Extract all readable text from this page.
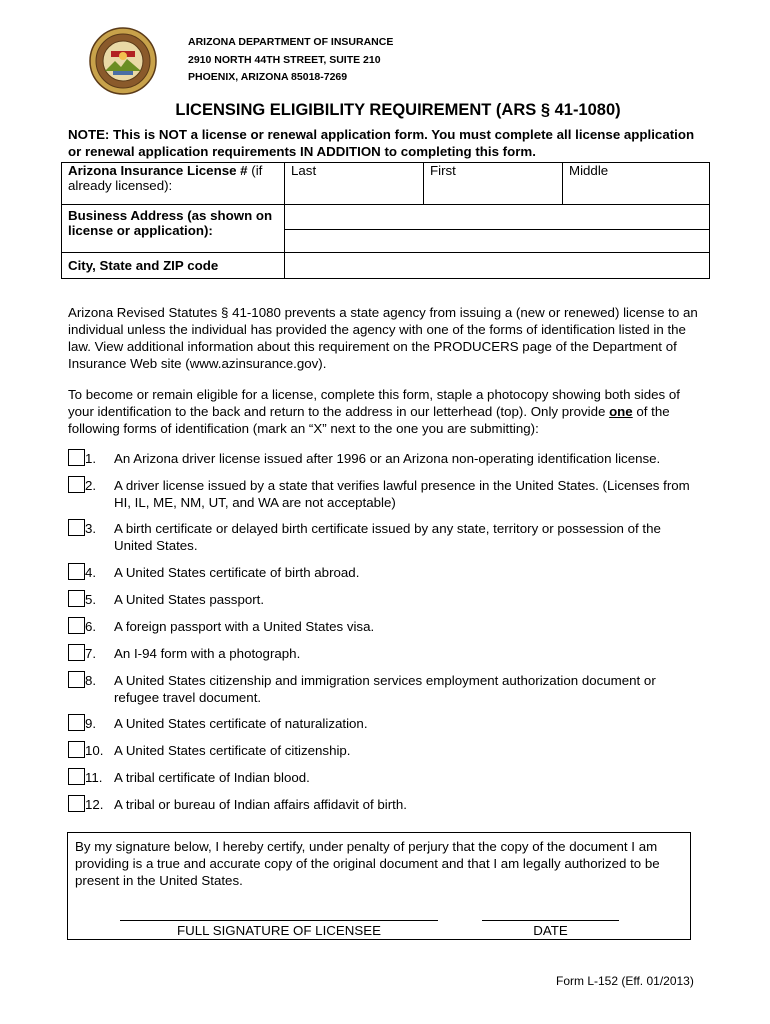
ARIZONA DEPARTMENT OF INSURANCE
2910 NORTH 44TH STREET, SUITE 210
PHOENIX, ARIZONA 85018-7269
LICENSING ELIGIBILITY REQUIREMENT (ARS § 41-1080)
NOTE: This is NOT a license or renewal application form. You must complete all license application or renewal application requirements IN ADDITION to completing this form.
Arizona Insurance License # (if already licensed):	Last	First	Middle
Business Address (as shown on license or application):			

City, State and ZIP code			
Arizona Revised Statutes § 41-1080 prevents a state agency from issuing a (new or renewed) license to an individual unless the individual has provided the agency with one of the forms of identification listed in the law. View additional information about this requirement on the PRODUCERS page of the Department of Insurance Web site (www.azinsurance.gov).
To become or remain eligible for a license, complete this form, staple a photocopy showing both sides of your identification to the back and return to the address in our letterhead (top). Only provide one of the following forms of identification (mark an “X” next to the one you are submitting):
1. An Arizona driver license issued after 1996 or an Arizona non-operating identification license.
2. A driver license issued by a state that verifies lawful presence in the United States. (Licenses from HI, IL, ME, NM, UT, and WA are not acceptable)
3. A birth certificate or delayed birth certificate issued by any state, territory or possession of the United States.
4. A United States certificate of birth abroad.
5. A United States passport.
6. A foreign passport with a United States visa.
7. An I-94 form with a photograph.
8. A United States citizenship and immigration services employment authorization document or refugee travel document.
9. A United States certificate of naturalization.
10. A United States certificate of citizenship.
11. A tribal certificate of Indian blood.
12. A tribal or bureau of Indian affairs affidavit of birth.
By my signature below, I hereby certify, under penalty of perjury that the copy of the document I am providing is a true and accurate copy of the original document and that I am legally authorized to be present in the United States.
FULL SIGNATURE OF LICENSEE	DATE
Form L-152 (Eff. 01/2013)
